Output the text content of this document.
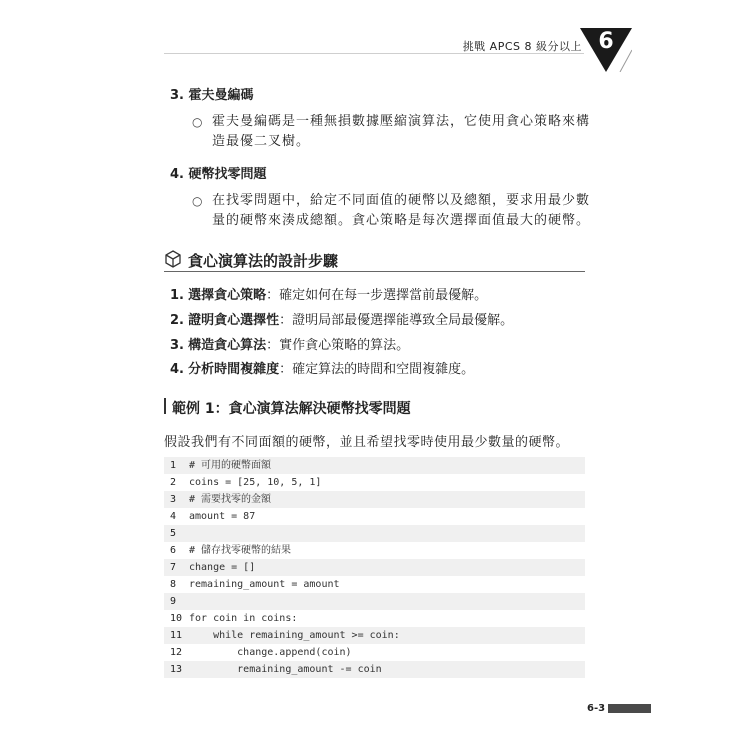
挑戰 APCS 8 級分以上 6
3. 霍夫曼編碼
○ 霍夫曼編碼是一種無損數據壓縮演算法，它使用貪心策略來構造最優二叉樹。
4. 硬幣找零問題
○ 在找零問題中，給定不同面值的硬幣以及總額，要求用最少數量的硬幣來湊成總額。貪心策略是每次選擇面值最大的硬幣。
貪心演算法的設計步驟
1. 選擇貪心策略：確定如何在每一步選擇當前最優解。
2. 證明貪心選擇性：證明局部最優選擇能導致全局最優解。
3. 構造貪心算法：實作貪心策略的算法。
4. 分析時間複雜度：確定算法的時間和空間複雜度。
範例 1：貪心演算法解決硬幣找零問題
假設我們有不同面額的硬幣，並且希望找零時使用最少數量的硬幣。
1	# 可用的硬幣面額
2	coins = [25, 10, 5, 1]
3	# 需要找零的金額
4	amount = 87
5
6	# 儲存找零硬幣的結果
7	change = []
8	remaining_amount = amount
9
10 for coin in coins:
11 while remaining_amount >= coin:
12 change.append(coin)
13 remaining_amount -= coin
6-3
